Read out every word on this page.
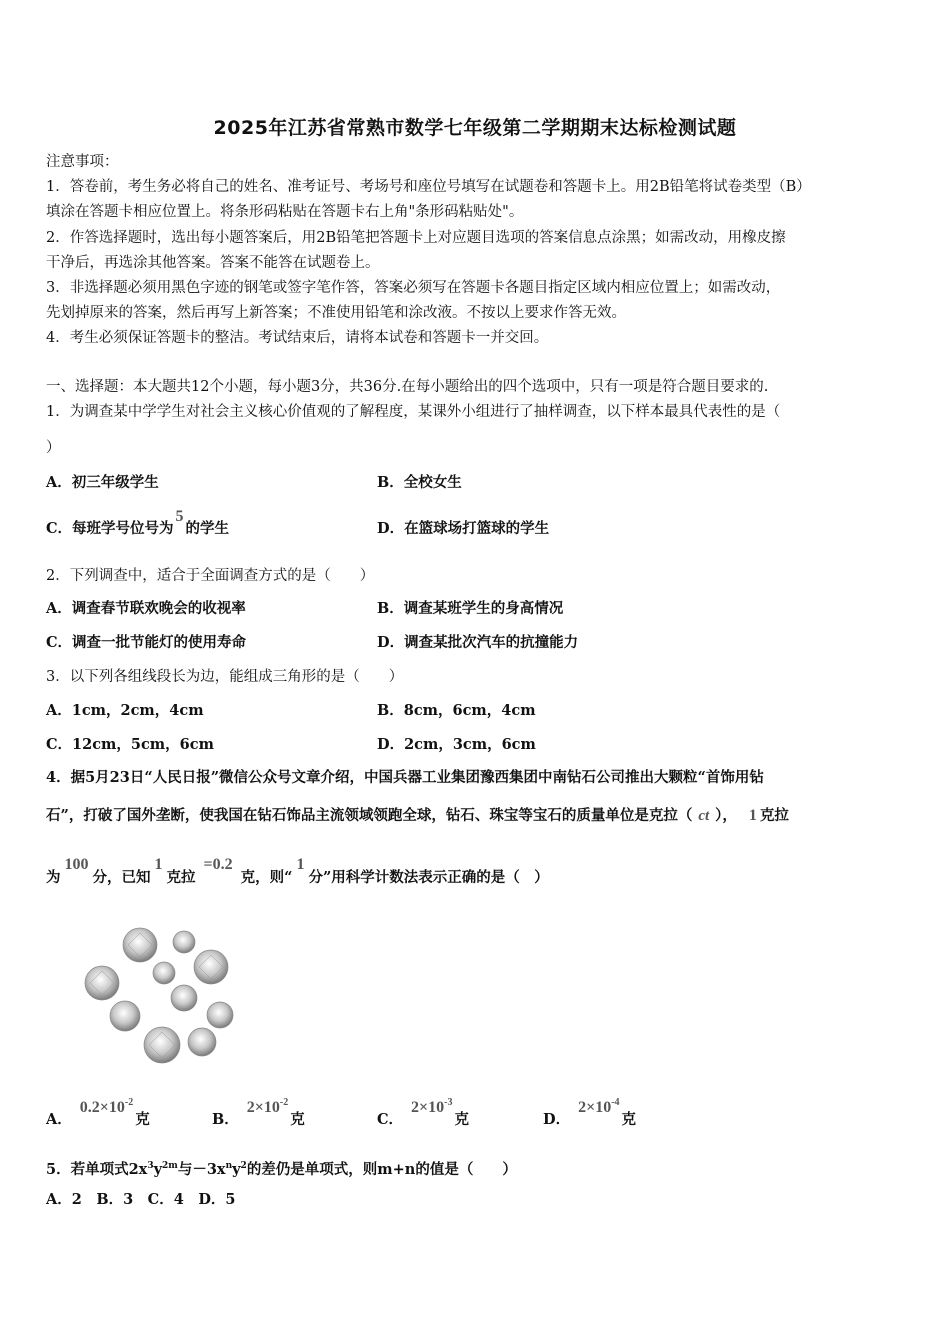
2025年江苏省常熟市数学七年级第二学期期末达标检测试题
注意事项：
1．答卷前，考生务必将自己的姓名、准考证号、考场号和座位号填写在试题卷和答题卡上。用2B铅笔将试卷类型（B）
填涂在答题卡相应位置上。将条形码粘贴在答题卡右上角"条形码粘贴处"。
2．作答选择题时，选出每小题答案后，用2B铅笔把答题卡上对应题目选项的答案信息点涂黑；如需改动，用橡皮擦
干净后，再选涂其他答案。答案不能答在试题卷上。
3．非选择题必须用黑色字迹的钢笔或签字笔作答，答案必须写在答题卡各题目指定区域内相应位置上；如需改动，
先划掉原来的答案，然后再写上新答案；不准使用铅笔和涂改液。不按以上要求作答无效。
4．考生必须保证答题卡的整洁。考试结束后，请将本试卷和答题卡一并交回。
一、选择题：本大题共12个小题，每小题3分，共36分.在每小题给出的四个选项中，只有一项是符合题目要求的.
1．为调查某中学学生对社会主义核心价值观的了解程度，某课外小组进行了抽样调查，以下样本最具代表性的是（
）
A．初三年级学生	B．全校女生
C．每班学号位号为5的学生	D．在篮球场打篮球的学生
2．下列调查中，适合于全面调查方式的是（　　）
A．调查春节联欢晚会的收视率	B．调查某班学生的身高情况
C．调查一批节能灯的使用寿命	D．调查某批次汽车的抗撞能力
3．以下列各组线段长为边，能组成三角形的是（　　）
A．1cm，2cm，4cm	B．8cm，6cm，4cm
C．12cm，5cm，6cm	D．2cm，3cm，6cm
4．据5月23日“人民日报”微信公众号文章介绍，中国兵器工业集团豫西集团中南钻石公司推出大颗粒“首饰用钻
石”，打破了国外垄断，使我国在钻石饰品主流领域领跑全球，钻石、珠宝等宝石的质量单位是克拉（ ct ）， 1 克拉
为100分，已知1克拉=0.2克，则“1分”用科学计数法表示正确的是（　）
A．$0.2\times 10^{-2}$克	B．$2\times 10^{-2}$克	C．$2\times 10^{-3}$克	D．$2\times 10^{-4}$克
5．若单项式$2x^3y^{2m}$与$-3x^ny^2$的差仍是单项式，则m+n的值是（　　）
A．2　B．3　C．4　D．5
